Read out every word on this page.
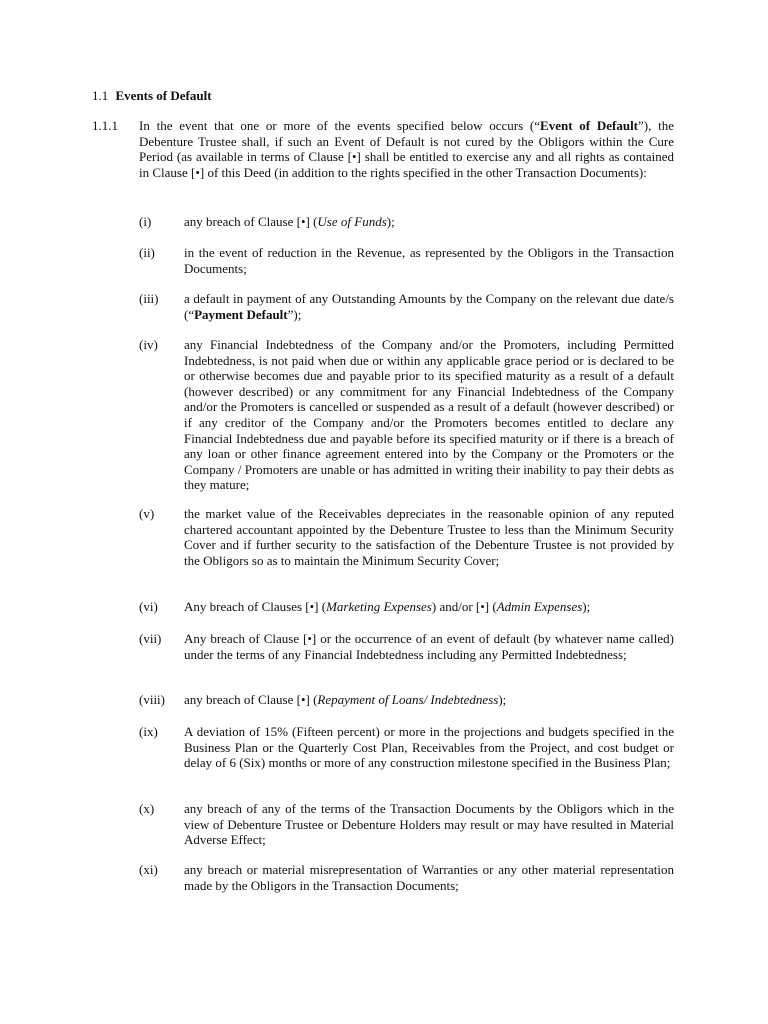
1.1 Events of Default
1.1.1 In the event that one or more of the events specified below occurs (“Event of Default”), the Debenture Trustee shall, if such an Event of Default is not cured by the Obligors within the Cure Period (as available in terms of Clause [•] shall be entitled to exercise any and all rights as contained in Clause [•] of this Deed (in addition to the rights specified in the other Transaction Documents):

(i)	any breach of Clause [•] (Use of Funds);

(ii) in the event of reduction in the Revenue, as represented by the Obligors in the Transaction Documents;

(iii) a default in payment of any Outstanding Amounts by the Company on the relevant due date/s (“Payment Default”);

(iv) any Financial Indebtedness of the Company and/or the Promoters, including Permitted Indebtedness, is not paid when due or within any applicable grace period or is declared to be or otherwise becomes due and payable prior to its specified maturity as a result of a default (however described) or any commitment for any Financial Indebtedness of the Company and/or the Promoters is cancelled or suspended as a result of a default (however described) or if any creditor of the Company and/or the Promoters becomes entitled to declare any Financial Indebtedness due and payable before its specified maturity or if there is a breach of any loan or other finance agreement entered into by the Company or the Promoters or the Company / Promoters are unable or has admitted in writing their inability to pay their debts as they mature;

(v) the market value of the Receivables depreciates in the reasonable opinion of any reputed chartered accountant appointed by the Debenture Trustee to less than the Minimum Security Cover and if further security to the satisfaction of the Debenture Trustee is not provided by the Obligors so as to maintain the Minimum Security Cover;

(vi) Any breach of Clauses [•] (Marketing Expenses) and/or [•] (Admin Expenses);

(vii) Any breach of Clause [•] or the occurrence of an event of default (by whatever name called) under the terms of any Financial Indebtedness including any Permitted Indebtedness;

(viii) any breach of Clause [•] (Repayment of Loans/ Indebtedness);

(ix) A deviation of 15% (Fifteen percent) or more in the projections and budgets specified in the Business Plan or the Quarterly Cost Plan, Receivables from the Project, and cost budget or delay of 6 (Six) months or more of any construction milestone specified in the Business Plan;

(x) any breach of any of the terms of the Transaction Documents by the Obligors which in the view of Debenture Trustee or Debenture Holders may result or may have resulted in Material Adverse Effect;

(xi) any breach or material misrepresentation of Warranties or any other material representation made by the Obligors in the Transaction Documents;
